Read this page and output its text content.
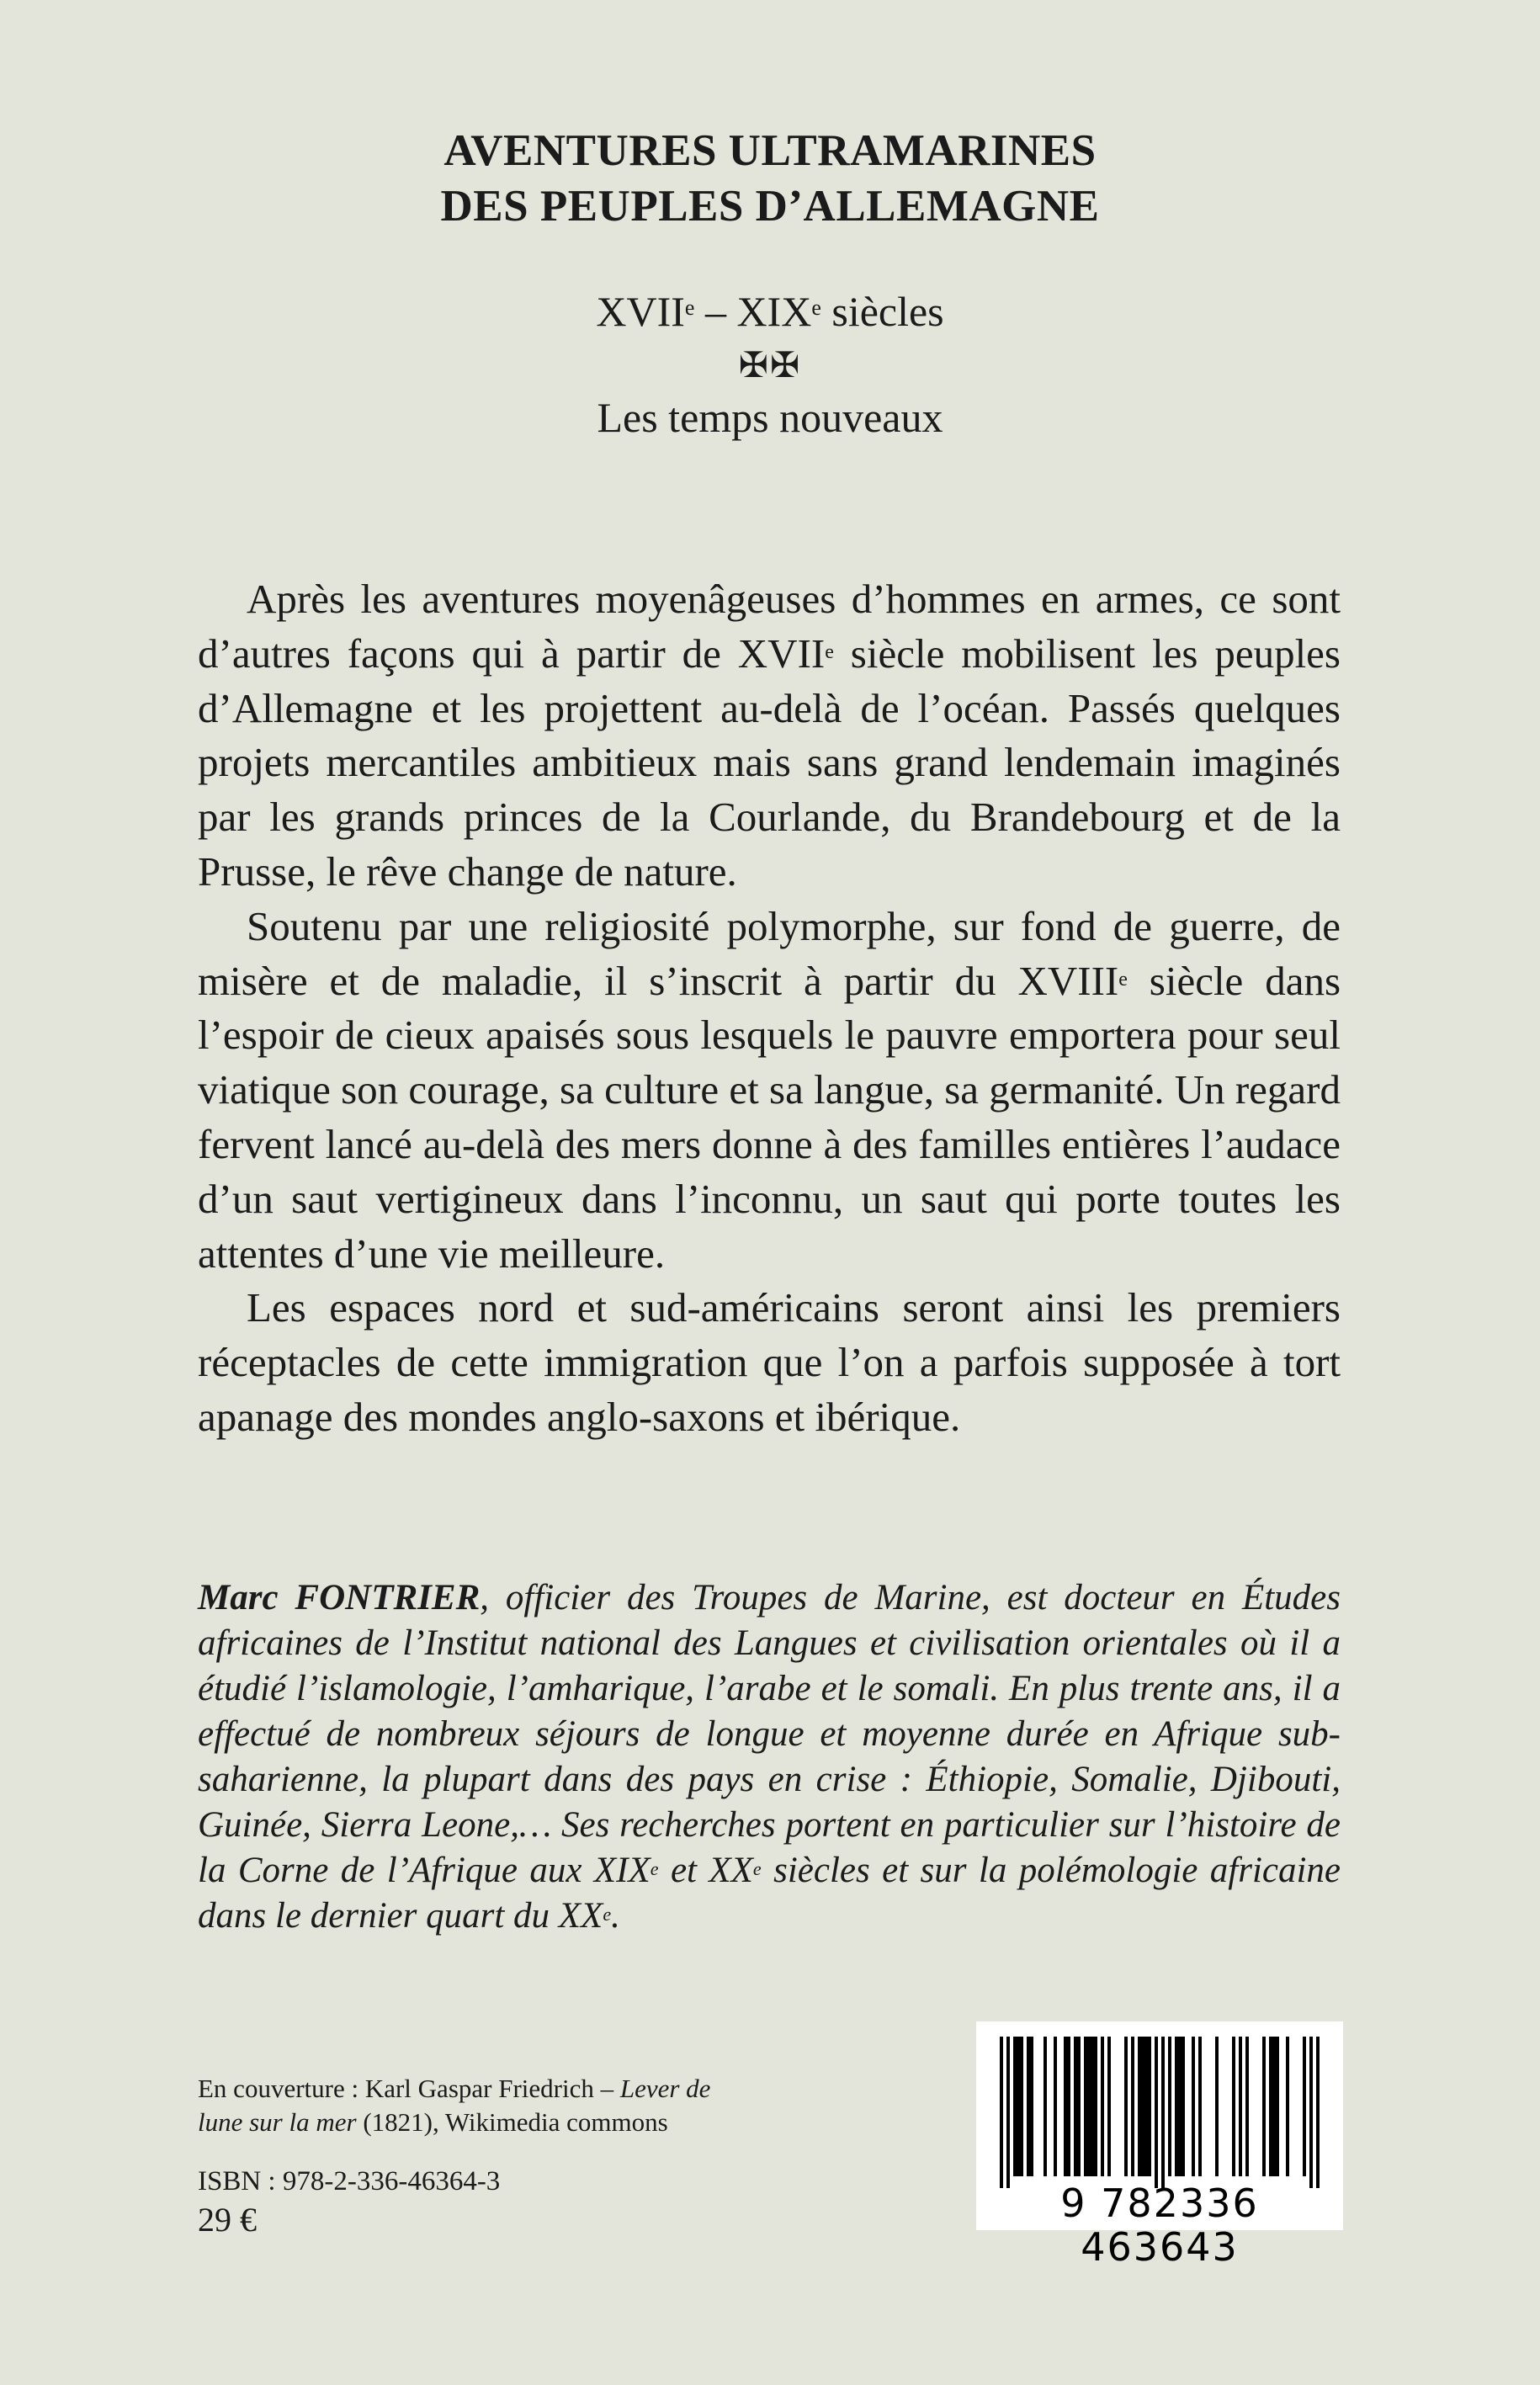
AVENTURES ULTRAMARINES
DES PEUPLES D’ALLEMAGNE
XVIIe – XIXe siècles
✠✠
Les temps nouveaux

Après les aventures moyenâgeuses d’hommes en armes, ce sont d’autres façons qui à partir de XVIIe siècle mobilisent les peuples d’Allemagne et les projettent au-delà de l’océan. Passés quelques projets mercantiles ambitieux mais sans grand lendemain imaginés par les grands princes de la Courlande, du Brandebourg et de la Prusse, le rêve change de nature.

Soutenu par une religiosité polymorphe, sur fond de guerre, de misère et de maladie, il s’inscrit à partir du XVIIIe siècle dans l’espoir de cieux apaisés sous lesquels le pauvre emportera pour seul viatique son courage, sa culture et sa langue, sa germanité. Un regard fervent lancé au-delà des mers donne à des familles entières l’audace d’un saut vertigineux dans l’inconnu, un saut qui porte toutes les attentes d’une vie meilleure.

Les espaces nord et sud-américains seront ainsi les premiers réceptacles de cette immigration que l’on a parfois supposée à tort apanage des mondes anglo-saxons et ibérique.

Marc FONTRIER, officier des Troupes de Marine, est docteur en Études africaines de l’Institut national des Langues et civilisation orientales où il a étudié l’islamologie, l’amharique, l’arabe et le somali. En plus trente ans, il a effectué de nombreux séjours de longue et moyenne durée en Afrique sub-saharienne, la plupart dans des pays en crise : Éthiopie, Somalie, Djibouti, Guinée, Sierra Leone,… Ses recherches portent en particulier sur l’histoire de la Corne de l’Afrique aux XIXe et XXe siècles et sur la polémologie africaine dans le dernier quart du XXe.
En couverture : Karl Gaspar Friedrich – Lever de lune sur la mer (1821), Wikimedia commons
ISBN : 978-2-336-46364-3
29 €	9 782336 463643
